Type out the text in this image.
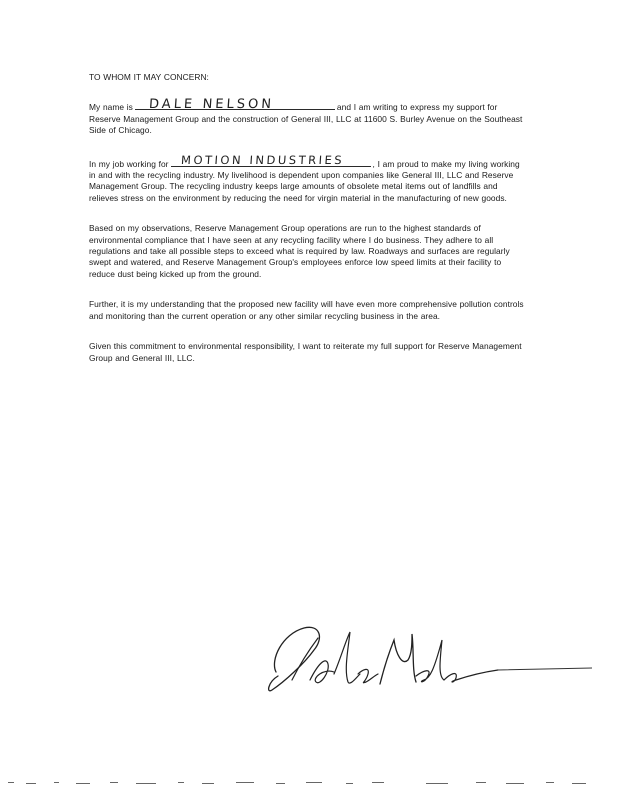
TO WHOM IT MAY CONCERN:

My name is DALE NELSON	and I am writing to express my support for Reserve Management Group and the construction of General III, LLC at 11600 S. Burley Avenue on the Southeast Side of Chicago.

In my job working for MOTION INDUSTRIES	, I am proud to make my living working in and with the recycling industry. My livelihood is dependent upon companies like General III, LLC and Reserve Management Group. The recycling industry keeps large amounts of obsolete metal items out of landfills and relieves stress on the environment by reducing the need for virgin material in the manufacturing of new goods.

Based on my observations, Reserve Management Group operations are run to the highest standards of environmental compliance that I have seen at any recycling facility where I do business. They adhere to all regulations and take all possible steps to exceed what is required by law. Roadways and surfaces are regularly swept and watered, and Reserve Management Group's employees enforce low speed limits at their facility to reduce dust being kicked up from the ground.

Further, it is my understanding that the proposed new facility will have even more comprehensive pollution controls and monitoring than the current operation or any other similar recycling business in the area.

Given this commitment to environmental responsibility, I want to reiterate my full support for Reserve Management Group and General III, LLC.
